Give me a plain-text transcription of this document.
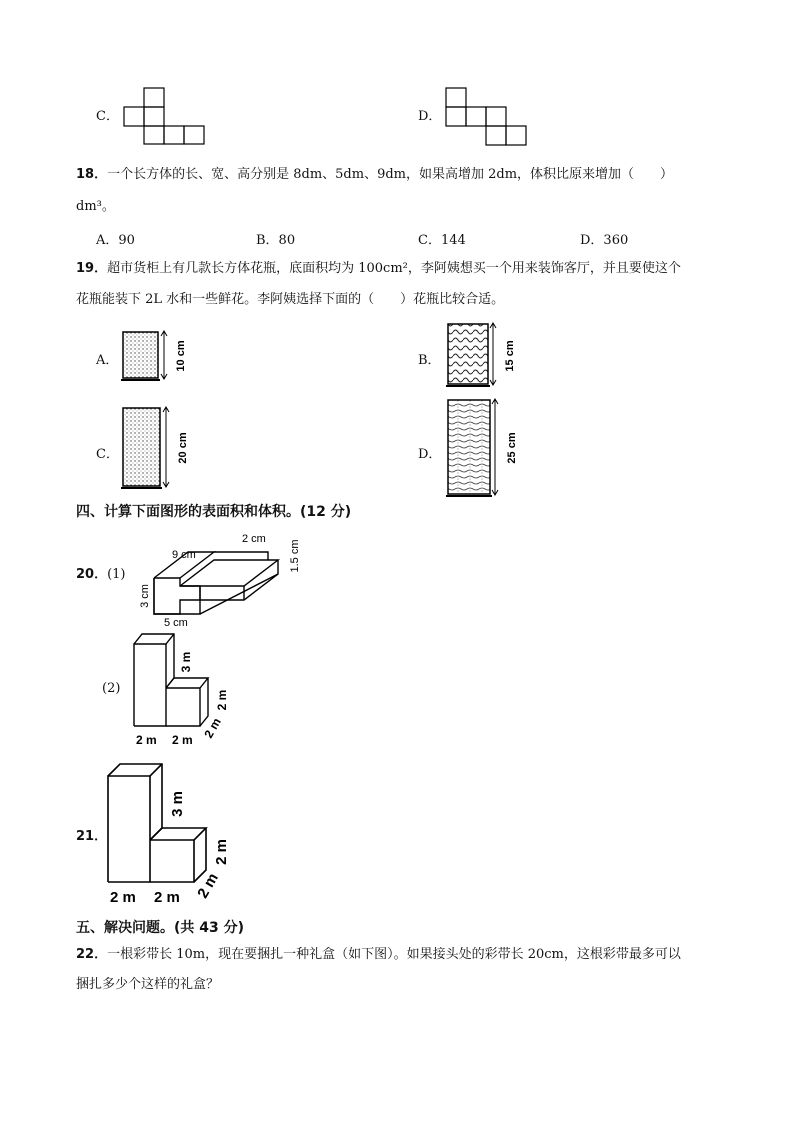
C．	D．
18．一个长方体的长、宽、高分别是 8dm、5dm、9dm，如果高增加 2dm，体积比原来增加（　　）
dm³。
A．90	B．80	C．144	D．360
19．超市货柜上有几款长方体花瓶，底面积均为 100cm²，李阿姨想买一个用来装饰客厅，并且要使这个
花瓶能装下 2L 水和一些鲜花。李阿姨选择下面的（　　）花瓶比较合适。
A．	10 cm	B．	15 cm
C．	20 cm	D．	25 cm
四、计算下面图形的表面积和体积。(12 分)
20．(1)
9 cm
2 cm
1.5 cm
3 cm
5 cm
(2)
3 m
2 m
2 m 2 m 2 m
21．
3 m
2 m
2 m 2 m 2 m
五、解决问题。(共 43 分)
22．一根彩带长 10m，现在要捆扎一种礼盒（如下图）。如果接头处的彩带长 20cm，这根彩带最多可以
捆扎多少个这样的礼盒？
